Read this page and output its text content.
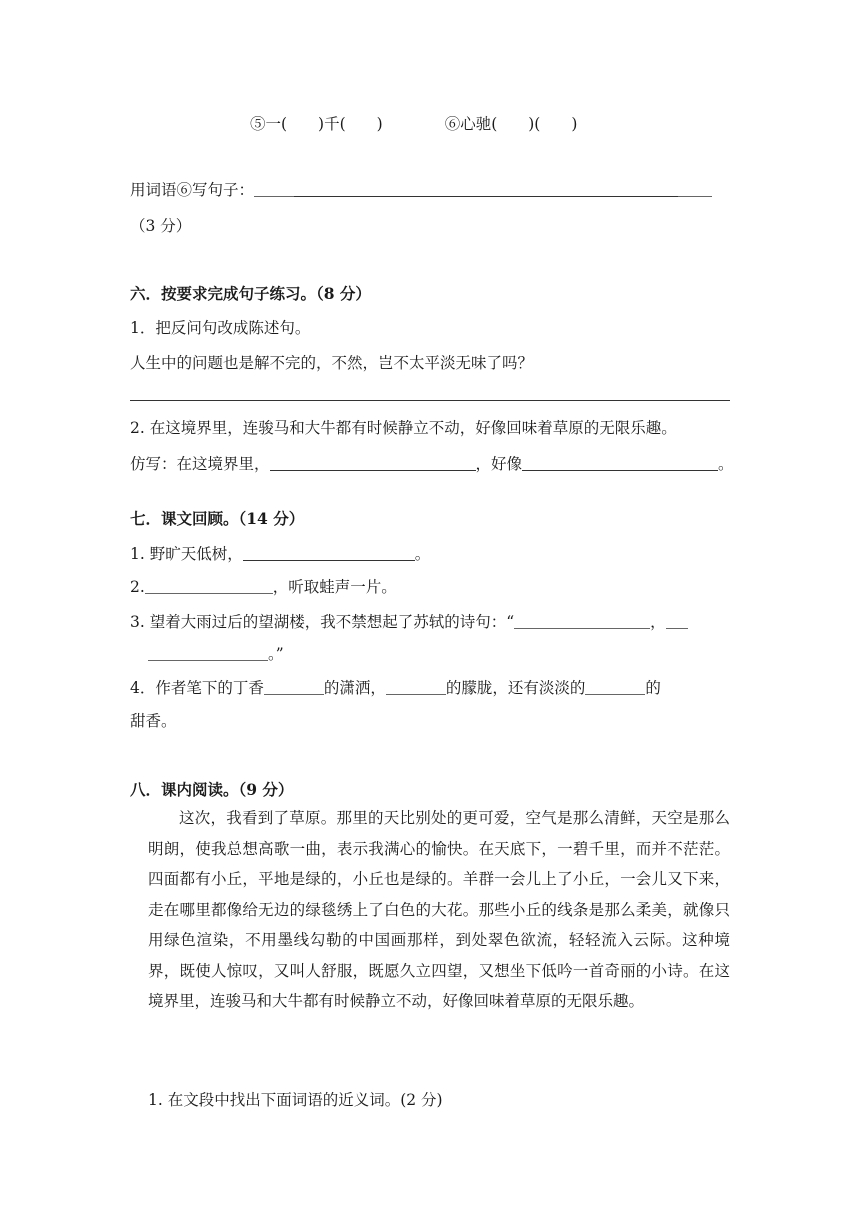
⑤一(　　)千(　　)	⑥心驰(　　)(　　)
用词语⑥写句子：
（3 分）
六．按要求完成句子练习。（8 分）
1．把反问句改成陈述句。
人生中的问题也是解不完的，不然，岂不太平淡无味了吗？
2. 在这境界里，连骏马和大牛都有时候静立不动，好像回味着草原的无限乐趣。
仿写：在这境界里，	，好像	。
七．课文回顾。（14 分）
1. 野旷天低树，	。
2.	，听取蛙声一片。
3. 望着大雨过后的望湖楼，我不禁想起了苏轼的诗句：“	，
。”
4．作者笔下的丁香	的潇洒，	的朦胧，还有淡淡的	的
甜香。
八．课内阅读。（9 分）
这次，我看到了草原。那里的天比别处的更可爱，空气是那么清鲜，天空是那么明朗，使我总想高歌一曲，表示我满心的愉快。在天底下，一碧千里，而并不茫茫。四面都有小丘，平地是绿的，小丘也是绿的。羊群一会儿上了小丘，一会儿又下来，走在哪里都像给无边的绿毯绣上了白色的大花。那些小丘的线条是那么柔美，就像只用绿色渲染，不用墨线勾勒的中国画那样，到处翠色欲流，轻轻流入云际。这种境界，既使人惊叹，又叫人舒服，既愿久立四望，又想坐下低吟一首奇丽的小诗。在这境界里，连骏马和大牛都有时候静立不动，好像回味着草原的无限乐趣。
1. 在文段中找出下面词语的近义词。(2 分)
